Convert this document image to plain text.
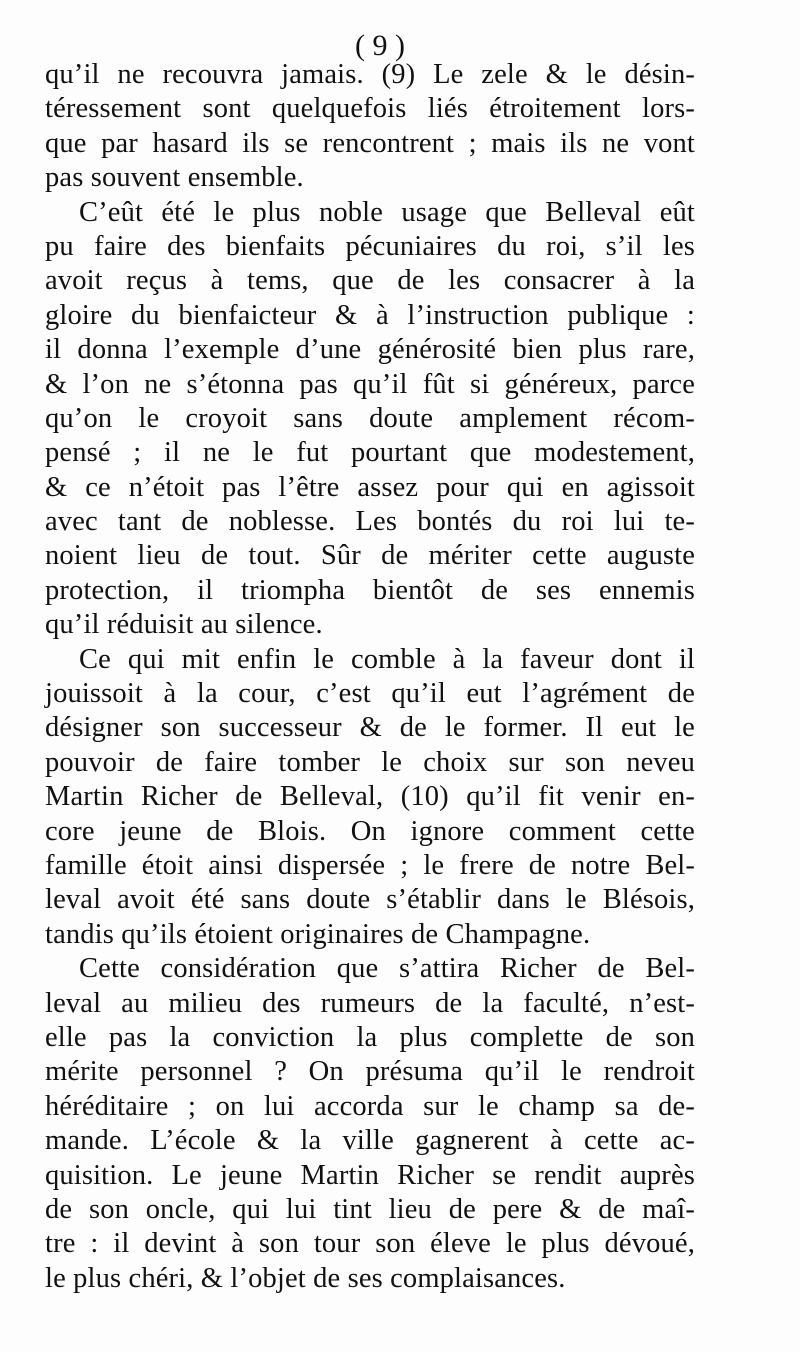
( 9 )
qu’il ne recouvra jamais. (9) Le zele & le désin-
téressement sont quelquefois liés étroitement lors-
que par hasard ils se rencontrent ; mais ils ne vont
pas souvent ensemble.
C’eût été le plus noble usage que Belleval eût
pu faire des bienfaits pécuniaires du roi, s’il les
avoit reçus à tems, que de les consacrer à la
gloire du bienfaicteur & à l’instruction publique :
il donna l’exemple d’une générosité bien plus rare,
& l’on ne s’étonna pas qu’il fût si généreux, parce
qu’on le croyoit sans doute amplement récom-
pensé ; il ne le fut pourtant que modestement,
& ce n’étoit pas l’être assez pour qui en agissoit
avec tant de noblesse. Les bontés du roi lui te-
noient lieu de tout. Sûr de mériter cette auguste
protection, il triompha bientôt de ses ennemis
qu’il réduisit au silence.
Ce qui mit enfin le comble à la faveur dont il
jouissoit à la cour, c’est qu’il eut l’agrément de
désigner son successeur & de le former. Il eut le
pouvoir de faire tomber le choix sur son neveu
Martin Richer de Belleval, (10) qu’il fit venir en-
core jeune de Blois. On ignore comment cette
famille étoit ainsi dispersée ; le frere de notre Bel-
leval avoit été sans doute s’établir dans le Blésois,
tandis qu’ils étoient originaires de Champagne.
Cette considération que s’attira Richer de Bel-
leval au milieu des rumeurs de la faculté, n’est-
elle pas la conviction la plus complette de son
mérite personnel ? On présuma qu’il le rendroit
héréditaire ; on lui accorda sur le champ sa de-
mande. L’école & la ville gagnerent à cette ac-
quisition. Le jeune Martin Richer se rendit auprès
de son oncle, qui lui tint lieu de pere & de maî-
tre : il devint à son tour son éleve le plus dévoué,
le plus chéri, & l’objet de ses complaisances.
